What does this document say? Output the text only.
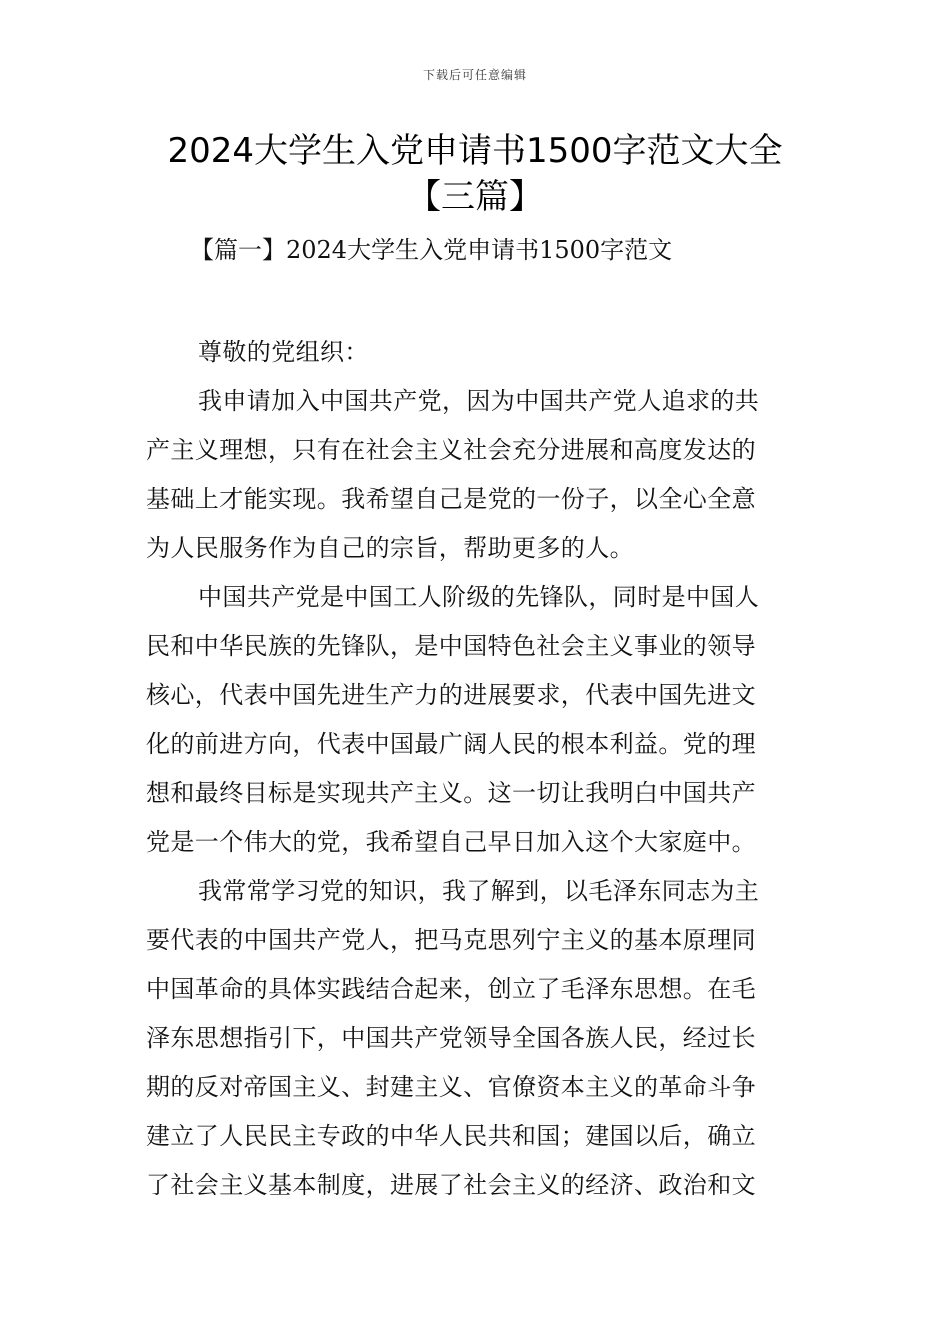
下载后可任意编辑
2024大学生入党申请书1500字范文大全
【三篇】
【篇一】2024大学生入党申请书1500字范文

尊敬的党组织：

我申请加入中国共产党，因为中国共产党人追求的共
产主义理想，只有在社会主义社会充分进展和高度发达的
基础上才能实现。我希望自己是党的一份子，以全心全意
为人民服务作为自己的宗旨，帮助更多的人。

中国共产党是中国工人阶级的先锋队，同时是中国人
民和中华民族的先锋队，是中国特色社会主义事业的领导
核心，代表中国先进生产力的进展要求，代表中国先进文
化的前进方向，代表中国最广阔人民的根本利益。党的理
想和最终目标是实现共产主义。这一切让我明白中国共产
党是一个伟大的党，我希望自己早日加入这个大家庭中。

我常常学习党的知识，我了解到，以毛泽东同志为主
要代表的中国共产党人，把马克思列宁主义的基本原理同
中国革命的具体实践结合起来，创立了毛泽东思想。在毛
泽东思想指引下，中国共产党领导全国各族人民，经过长
期的反对帝国主义、封建主义、官僚资本主义的革命斗争
建立了人民民主专政的中华人民共和国；建国以后，确立
了社会主义基本制度，进展了社会主义的经济、政治和文
